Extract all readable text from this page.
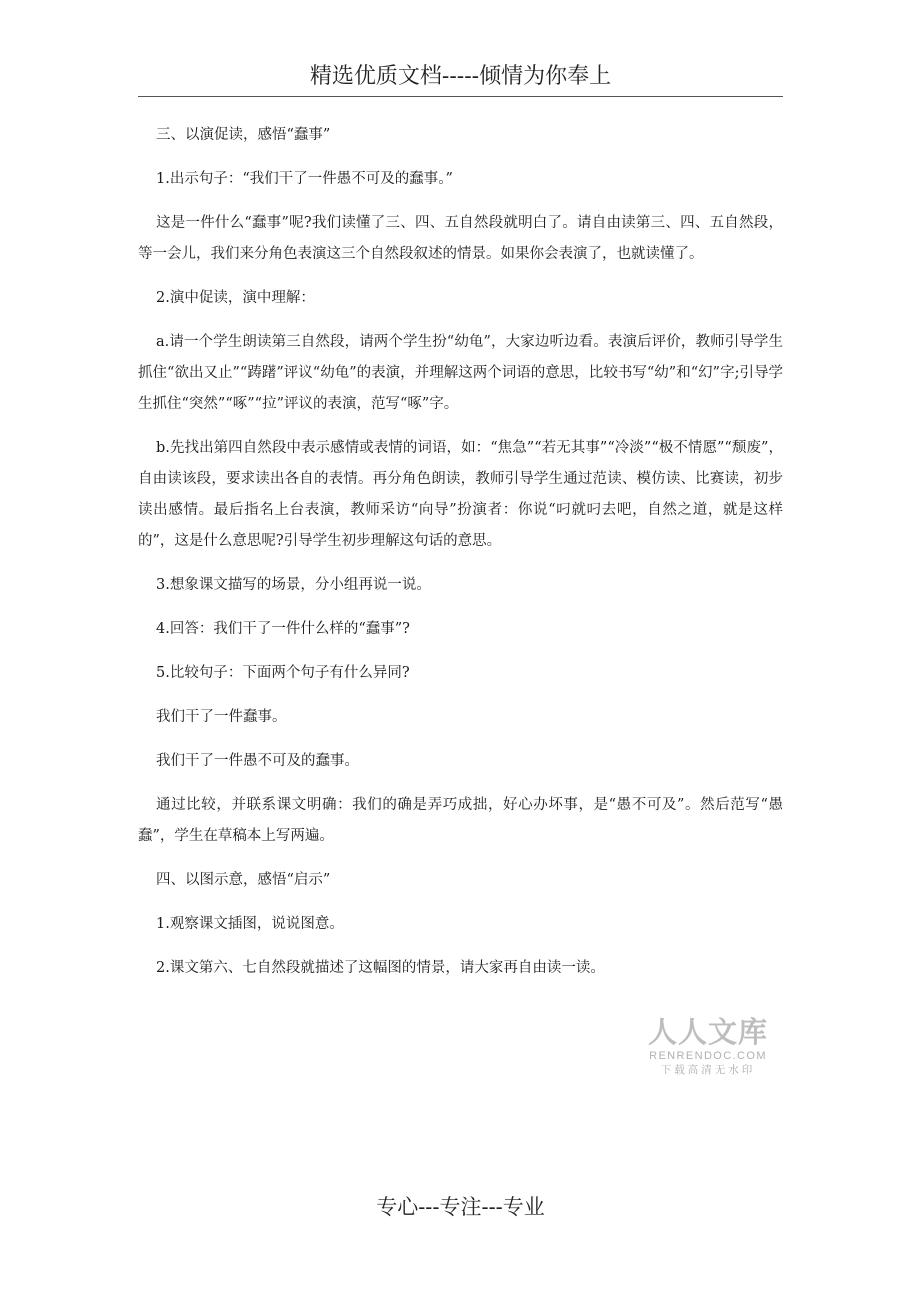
精选优质文档-----倾情为你奉上

三、以演促读，感悟“蠢事”

1.出示句子：“我们干了一件愚不可及的蠢事。”

这是一件什么“蠢事”呢?我们读懂了三、四、五自然段就明白了。请自由读第三、四、五自然段，等一会儿，我们来分角色表演这三个自然段叙述的情景。如果你会表演了，也就读懂了。

2.演中促读，演中理解：

a.请一个学生朗读第三自然段，请两个学生扮“幼龟”，大家边听边看。表演后评价，教师引导学生抓住“欲出又止”“踌躇”评议“幼龟”的表演，并理解这两个词语的意思，比较书写“幼”和“幻”字;引导学生抓住“突然”“啄”“拉”评议的表演，范写“啄”字。

b.先找出第四自然段中表示感情或表情的词语，如：“焦急”“若无其事”“冷淡”“极不情愿”“颓废”，自由读该段，要求读出各自的表情。再分角色朗读，教师引导学生通过范读、模仿读、比赛读，初步读出感情。最后指名上台表演，教师采访“向导”扮演者：你说“叼就叼去吧，自然之道，就是这样的”，这是什么意思呢?引导学生初步理解这句话的意思。

3.想象课文描写的场景，分小组再说一说。

4.回答：我们干了一件什么样的“蠢事”?

5.比较句子：下面两个句子有什么异同?

我们干了一件蠢事。

我们干了一件愚不可及的蠢事。

通过比较，并联系课文明确：我们的确是弄巧成拙，好心办坏事，是“愚不可及”。然后范写“愚蠢”，学生在草稿本上写两遍。

四、以图示意，感悟“启示”

1.观察课文插图，说说图意。

2.课文第六、七自然段就描述了这幅图的情景，请大家再自由读一读。

人人文库
RENRENDOC.COM
下载高清无水印
专心---专注---专业
